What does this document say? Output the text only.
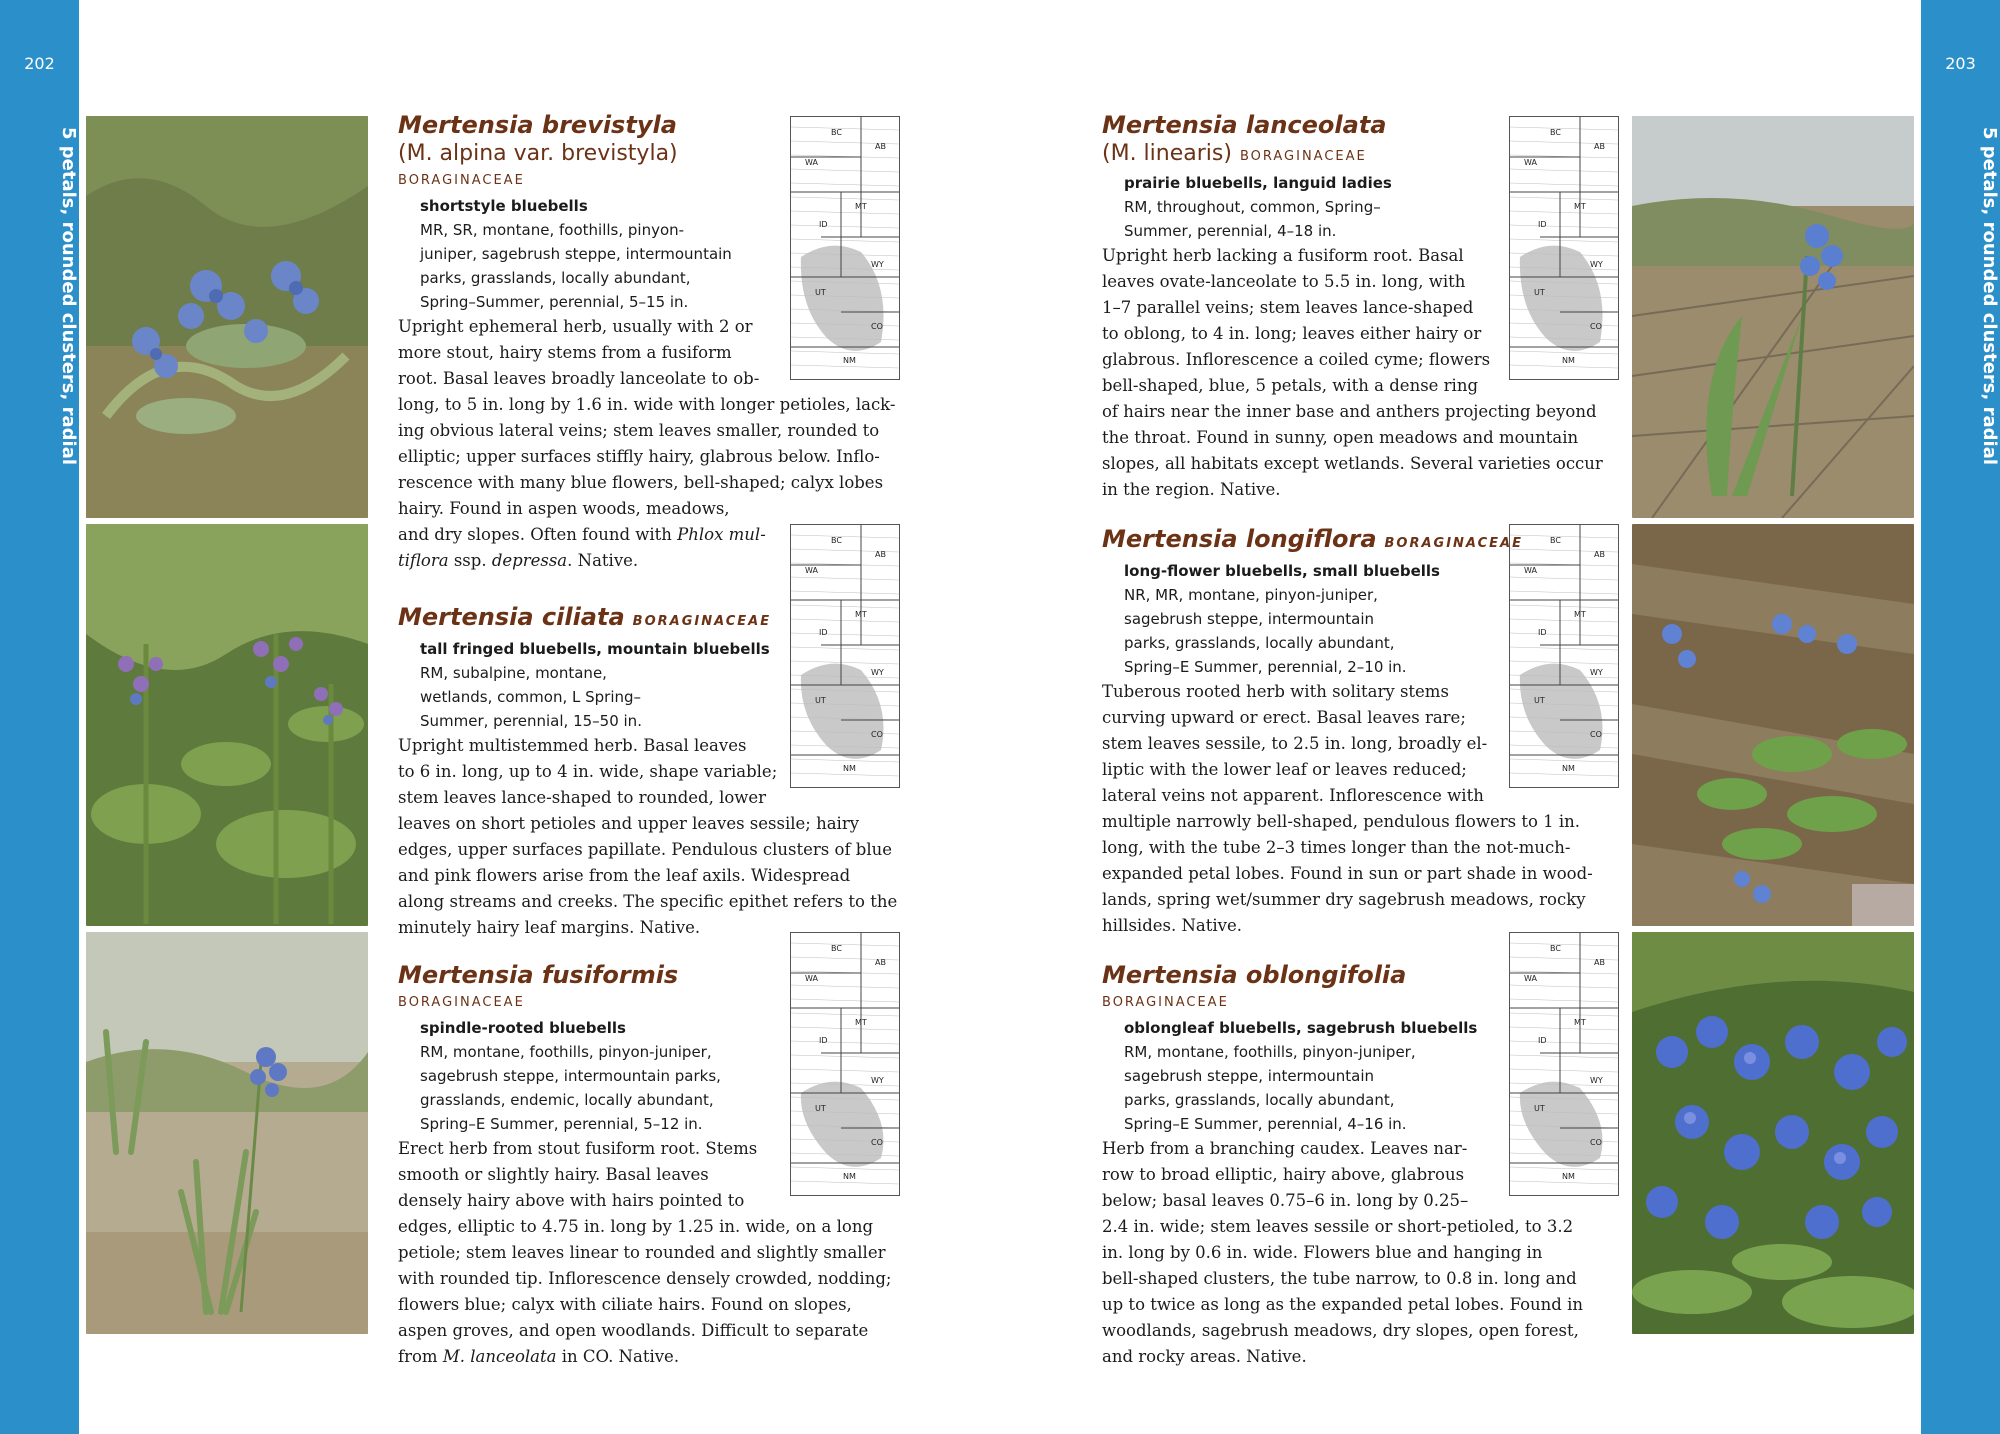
202
5 petals, rounded clusters, radial
203
5 petals, rounded clusters, radial
BC
AB
WA
MT
ID
WY
UT
CO
NM
BC
AB
WA
MT
ID
WY
UT
CO
NM
BC
AB
WA
MT
ID
WY
UT
CO
NM
BC
AB
WA
MT
ID
WY
UT
CO
NM
BC
AB
WA
MT
ID
WY
UT
CO
NM
BC
AB
WA
MT
ID
WY
UT
CO
NM
Mertensia brevistyla
(M. alpina var. brevistyla)
BORAGINACEAE
shortstyle bluebells
MR, SR, montane, foothills, pinyon-
juniper, sagebrush steppe, intermountain
parks, grasslands, locally abundant,
Spring–Summer, perennial, 5–15 in.
Upright ephemeral herb, usually with 2 or
more stout, hairy stems from a fusiform
root. Basal leaves broadly lanceolate to ob-
long, to 5 in. long by 1.6 in. wide with longer petioles, lack-
ing obvious lateral veins; stem leaves smaller, rounded to
elliptic; upper surfaces stiffly hairy, glabrous below. Inflo-
rescence with many blue flowers, bell-shaped; calyx lobes
hairy. Found in aspen woods, meadows,
and dry slopes. Often found with Phlox mul-
tiflora ssp. depressa. Native.
Mertensia ciliata BORAGINACEAE
tall fringed bluebells, mountain bluebells
RM, subalpine, montane,
wetlands, common, L Spring–
Summer, perennial, 15–50 in.
Upright multistemmed herb. Basal leaves
to 6 in. long, up to 4 in. wide, shape variable;
stem leaves lance-shaped to rounded, lower
leaves on short petioles and upper leaves sessile; hairy
edges, upper surfaces papillate. Pendulous clusters of blue
and pink flowers arise from the leaf axils. Widespread
along streams and creeks. The specific epithet refers to the
minutely hairy leaf margins. Native.
Mertensia fusiformis
BORAGINACEAE
spindle-rooted bluebells
RM, montane, foothills, pinyon-juniper,
sagebrush steppe, intermountain parks,
grasslands, endemic, locally abundant,
Spring–E Summer, perennial, 5–12 in.
Erect herb from stout fusiform root. Stems
smooth or slightly hairy. Basal leaves
densely hairy above with hairs pointed to
edges, elliptic to 4.75 in. long by 1.25 in. wide, on a long
petiole; stem leaves linear to rounded and slightly smaller
with rounded tip. Inflorescence densely crowded, nodding;
flowers blue; calyx with ciliate hairs. Found on slopes,
aspen groves, and open woodlands. Difficult to separate
from M. lanceolata in CO. Native.
Mertensia lanceolata
(M. linearis) BORAGINACEAE
prairie bluebells, languid ladies
RM, throughout, common, Spring–
Summer, perennial, 4–18 in.
Upright herb lacking a fusiform root. Basal
leaves ovate-lanceolate to 5.5 in. long, with
1–7 parallel veins; stem leaves lance-shaped
to oblong, to 4 in. long; leaves either hairy or
glabrous. Inflorescence a coiled cyme; flowers
bell-shaped, blue, 5 petals, with a dense ring
of hairs near the inner base and anthers projecting beyond
the throat. Found in sunny, open meadows and mountain
slopes, all habitats except wetlands. Several varieties occur
in the region. Native.
Mertensia longiflora BORAGINACEAE
long-flower bluebells, small bluebells
NR, MR, montane, pinyon-juniper,
sagebrush steppe, intermountain
parks, grasslands, locally abundant,
Spring–E Summer, perennial, 2–10 in.
Tuberous rooted herb with solitary stems
curving upward or erect. Basal leaves rare;
stem leaves sessile, to 2.5 in. long, broadly el-
liptic with the lower leaf or leaves reduced;
lateral veins not apparent. Inflorescence with
multiple narrowly bell-shaped, pendulous flowers to 1 in.
long, with the tube 2–3 times longer than the not-much-
expanded petal lobes. Found in sun or part shade in wood-
lands, spring wet/summer dry sagebrush meadows, rocky
hillsides. Native.
Mertensia oblongifolia
BORAGINACEAE
oblongleaf bluebells, sagebrush bluebells
RM, montane, foothills, pinyon-juniper,
sagebrush steppe, intermountain
parks, grasslands, locally abundant,
Spring–E Summer, perennial, 4–16 in.
Herb from a branching caudex. Leaves nar-
row to broad elliptic, hairy above, glabrous
below; basal leaves 0.75–6 in. long by 0.25–
2.4 in. wide; stem leaves sessile or short-petioled, to 3.2
in. long by 0.6 in. wide. Flowers blue and hanging in
bell-shaped clusters, the tube narrow, to 0.8 in. long and
up to twice as long as the expanded petal lobes. Found in
woodlands, sagebrush meadows, dry slopes, open forest,
and rocky areas. Native.
